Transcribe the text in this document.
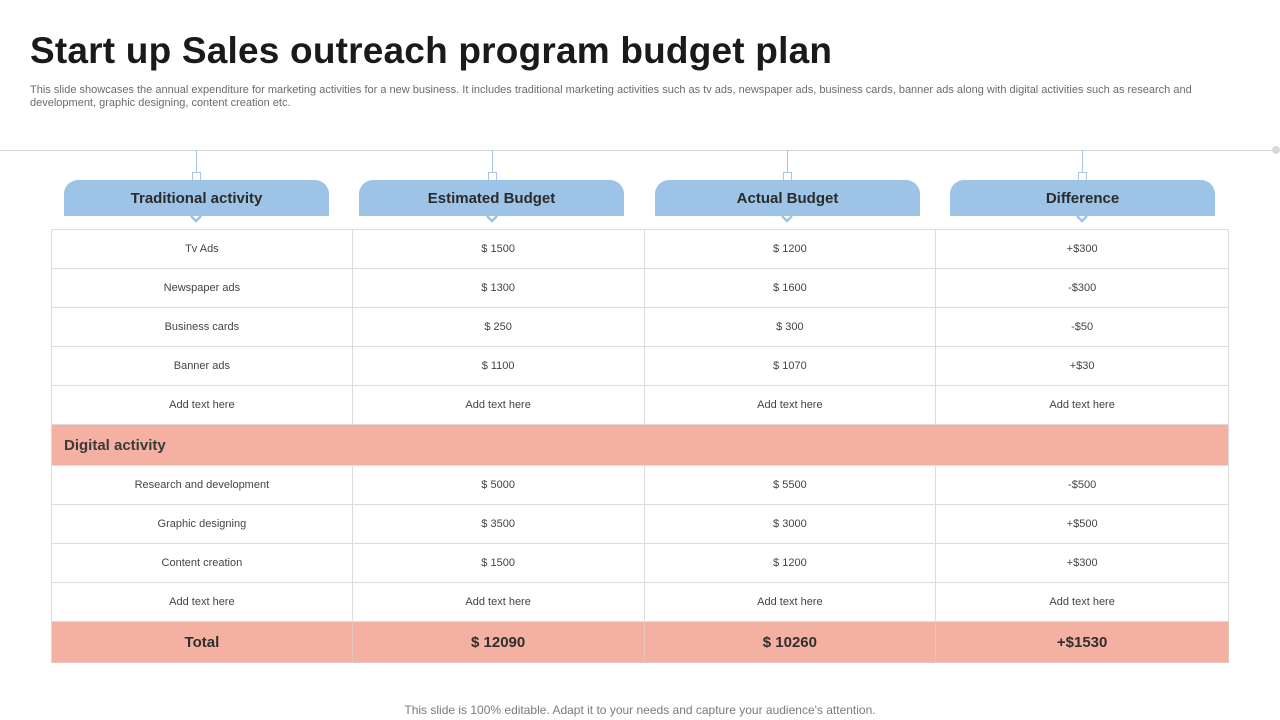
Start up Sales outreach program budget plan
This slide showcases the annual expenditure for marketing activities for a new business. It includes traditional marketing activities such as tv ads, newspaper ads, business cards, banner ads along with digital activities such as research and development, graphic designing, content creation etc.
Traditional activity	Estimated Budget	Actual Budget	Difference
Tv Ads	$ 1500	$ 1200	+$300
Newspaper ads	$ 1300	$ 1600	-$300
Business cards	$ 250	$ 300	-$50
Banner ads	$ 1100	$ 1070	+$30
Add text here	Add text here	Add text here	Add text here
Digital activity
Research and development	$ 5000	$ 5500	-$500
Graphic designing	$ 3500	$ 3000	+$500
Content creation	$ 1500	$ 1200	+$300
Add text here	Add text here	Add text here	Add text here
Total	$ 12090	$ 10260	+$1530
This slide is 100% editable. Adapt it to your needs and capture your audience's attention.
